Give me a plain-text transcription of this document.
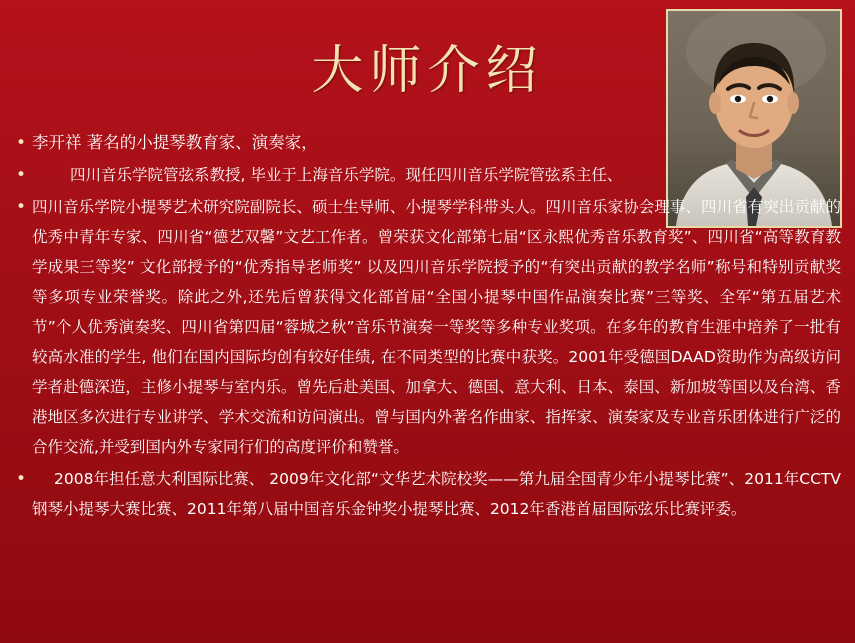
大师介绍
• 李开祥 著名的小提琴教育家、演奏家，
•	四川音乐学院管弦系教授, 毕业于上海音乐学院。现任四川音乐学院管弦系主任、
• 四川音乐学院小提琴艺术研究院副院长、硕士生导师、小提琴学科带头人。四川音乐家协会理事、四川省有突出贡献的优秀中青年专家、四川省“德艺双馨”文艺工作者。曾荣获文化部第七届“区永熙优秀音乐教育奖”、四川省“高等教育教学成果三等奖” 文化部授予的“优秀指导老师奖” 以及四川音乐学院授予的“有突出贡献的教学名师”称号和特别贡献奖等多项专业荣誉奖。除此之外,还先后曾获得文化部首届“全国小提琴中国作品演奏比赛”三等奖、全军“第五届艺术节”个人优秀演奏奖、四川省第四届“蓉城之秋”音乐节演奏一等奖等多种专业奖项。在多年的教育生涯中培养了一批有较高水准的学生, 他们在国内国际均创有较好佳绩, 在不同类型的比赛中获奖。2001年受德国DAAD资助作为高级访问学者赴德深造，主修小提琴与室内乐。曾先后赴美国、加拿大、德国、意大利、日本、泰国、新加坡等国以及台湾、香港地区多次进行专业讲学、学术交流和访问演出。曾与国内外著名作曲家、指挥家、演奏家及专业音乐团体进行广泛的合作交流,并受到国内外专家同行们的高度评价和赞誉。
•	2008年担任意大利国际比赛、 2009年文化部“文华艺术院校奖——第九届全国青少年小提琴比赛”、2011年CCTV钢琴小提琴大赛比赛、2011年第八届中国音乐金钟奖小提琴比赛、2012年香港首届国际弦乐比赛评委。
